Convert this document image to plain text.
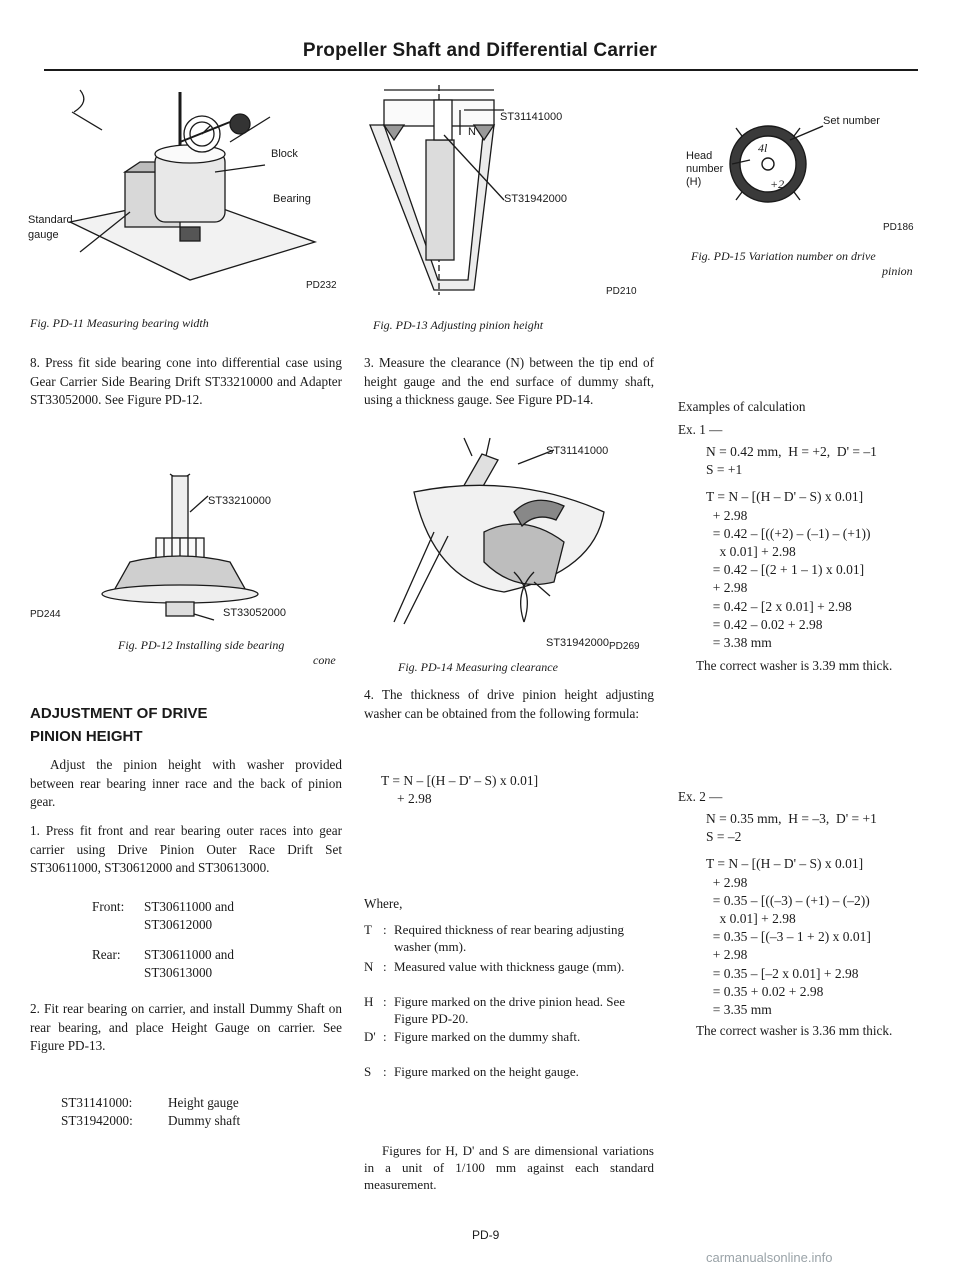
Propeller Shaft and Differential Carrier
Block
Bearing
Standard
gauge
PD232
Fig. PD-11 Measuring bearing width
ST31141000
N
ST31942000
PD210
Fig. PD-13 Adjusting pinion height
4l
+2
Set number
Head
number
(H)
PD186
Fig. PD-15 Variation number on drive
pinion

8. Press fit side bearing cone into differential case using Gear Carrier Side Bearing Drift ST33210000 and Adapter ST33052000. See Figure PD-12.

ST33210000
ST33052000
PD244
Fig. PD-12 Installing side bearing
cone
ADJUSTMENT OF DRIVE
PINION HEIGHT

Adjust the pinion height with washer provided between rear bearing inner race and the back of pinion gear.

1. Press fit front and rear bearing outer races into gear carrier using Drive Pinion Outer Race Drift Set ST30611000, ST30612000 and ST30613000.

Front: ST30611000 and
ST30612000
Rear: ST30611000 and
ST30613000

2. Fit rear bearing on carrier, and install Dummy Shaft on rear bearing, and place Height Gauge on carrier. See Figure PD-13.

ST31141000:	Height gauge
ST31942000:	Dummy shaft

3. Measure the clearance (N) between the tip end of height gauge and the end surface of dummy shaft, using a thickness gauge. See Figure PD-14.

ST31141000
ST31942000 PD269
Fig. PD-14 Measuring clearance

4. The thickness of drive pinion height adjusting washer can be obtained from the following formula:

T = N – [(H – D' – S) x 0.01]
+ 2.98
Where,
T : Required thickness of rear bearing adjusting washer (mm).
N : Measured value with thickness gauge (mm).
H : Figure marked on the drive pinion head. See Figure PD-20.
D' : Figure marked on the dummy shaft.
S : Figure marked on the height gauge.

Figures for H, D' and S are dimensional variations in a unit of 1/100 mm against each standard measurement.

Examples of calculation
Ex. 1 —
N = 0.42 mm,  H = +2,  D' = –1
S = +1
T = N – [(H – D' – S) x 0.01]
+ 2.98
= 0.42 – [((+2) – (–1) – (+1))
x 0.01] + 2.98
= 0.42 – [(2 + 1 – 1) x 0.01]
+ 2.98
= 0.42 – [2 x 0.01] + 2.98
= 0.42 – 0.02 + 2.98
= 3.38 mm

The correct washer is 3.39 mm thick.

Ex. 2 —
N = 0.35 mm,  H = –3,  D' = +1
S = –2
T = N – [(H – D' – S) x 0.01]
+ 2.98
= 0.35 – [((–3) – (+1) – (–2))
x 0.01] + 2.98
= 0.35 – [(–3 – 1 + 2) x 0.01]
+ 2.98
= 0.35 – [–2 x 0.01] + 2.98
= 0.35 + 0.02 + 2.98
= 3.35 mm

The correct washer is 3.36 mm thick.

PD-9
carmanualsonline.info
